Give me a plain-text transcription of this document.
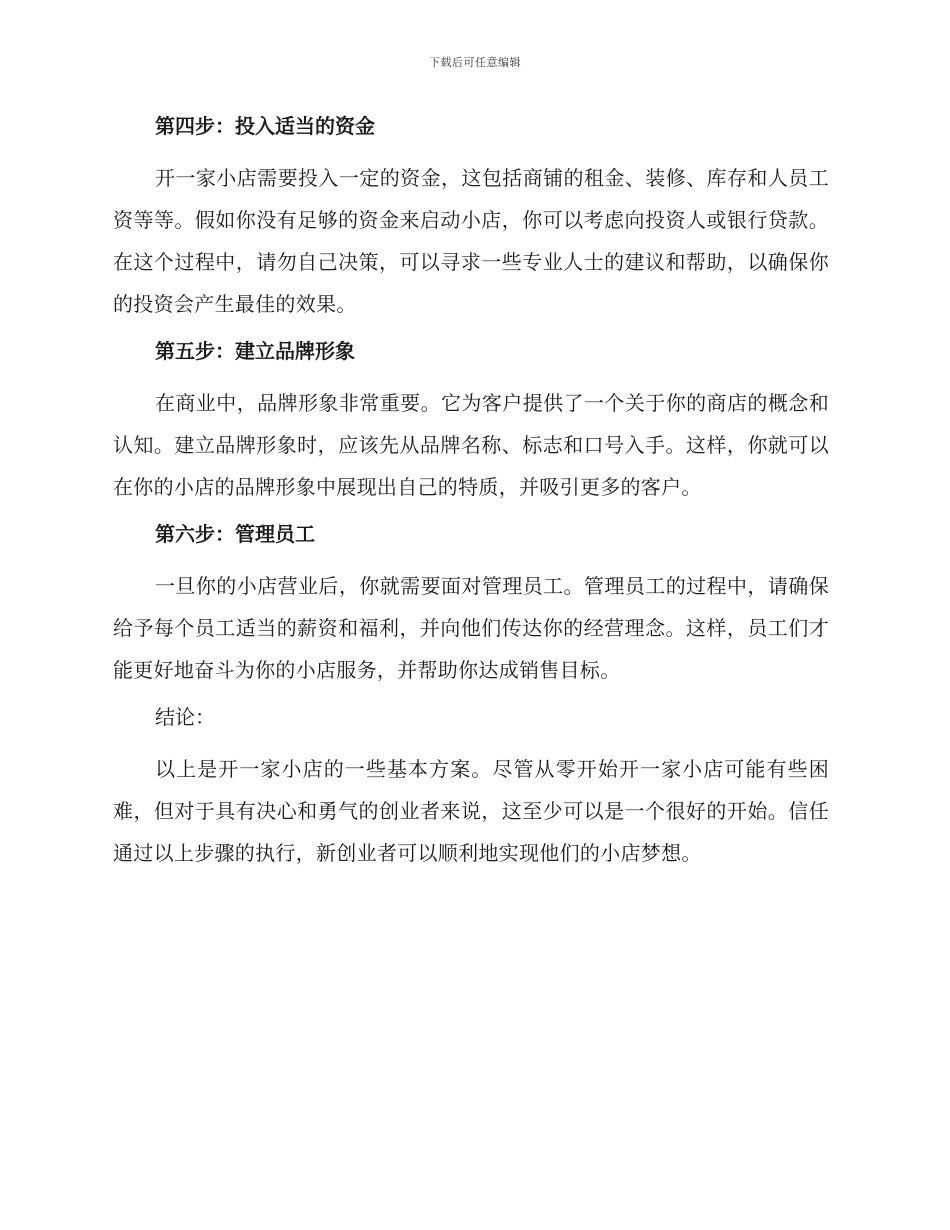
下载后可任意编辑
第四步：投入适当的资金

开一家小店需要投入一定的资金，这包括商铺的租金、装修、库存和人员工资等等。假如你没有足够的资金来启动小店，你可以考虑向投资人或银行贷款。在这个过程中，请勿自己决策，可以寻求一些专业人士的建议和帮助，以确保你的投资会产生最佳的效果。

第五步：建立品牌形象

在商业中，品牌形象非常重要。它为客户提供了一个关于你的商店的概念和认知。建立品牌形象时，应该先从品牌名称、标志和口号入手。这样，你就可以在你的小店的品牌形象中展现出自己的特质，并吸引更多的客户。

第六步：管理员工

一旦你的小店营业后，你就需要面对管理员工。管理员工的过程中，请确保给予每个员工适当的薪资和福利，并向他们传达你的经营理念。这样，员工们才能更好地奋斗为你的小店服务，并帮助你达成销售目标。

结论：

以上是开一家小店的一些基本方案。尽管从零开始开一家小店可能有些困难，但对于具有决心和勇气的创业者来说，这至少可以是一个很好的开始。信任通过以上步骤的执行，新创业者可以顺利地实现他们的小店梦想。
